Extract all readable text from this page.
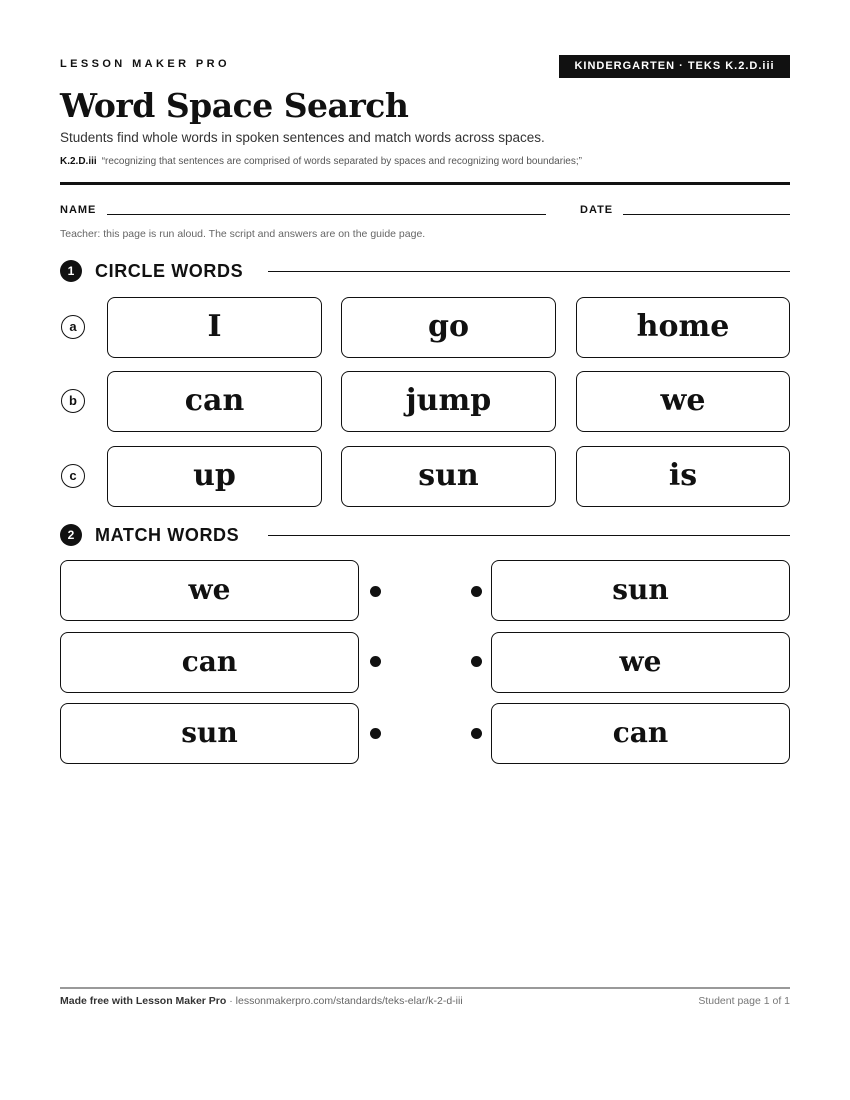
LESSON MAKER PRO	KINDERGARTEN · TEKS K.2.D.iii
Word Space Search
Students find whole words in spoken sentences and match words across spaces.
K.2.D.iii “recognizing that sentences are comprised of words separated by spaces and recognizing word boundaries;”
NAME	DATE
Teacher: this page is run aloud. The script and answers are on the guide page.
1	CIRCLE WORDS
a	I	go	home
b	can	jump	we
c	up	sun	is
2	MATCH WORDS
we	sun
can	we
sun	can
Made free with Lesson Maker Pro · lessonmakerpro.com/standards/teks-elar/k-2-d-iii	Student page 1 of 1
